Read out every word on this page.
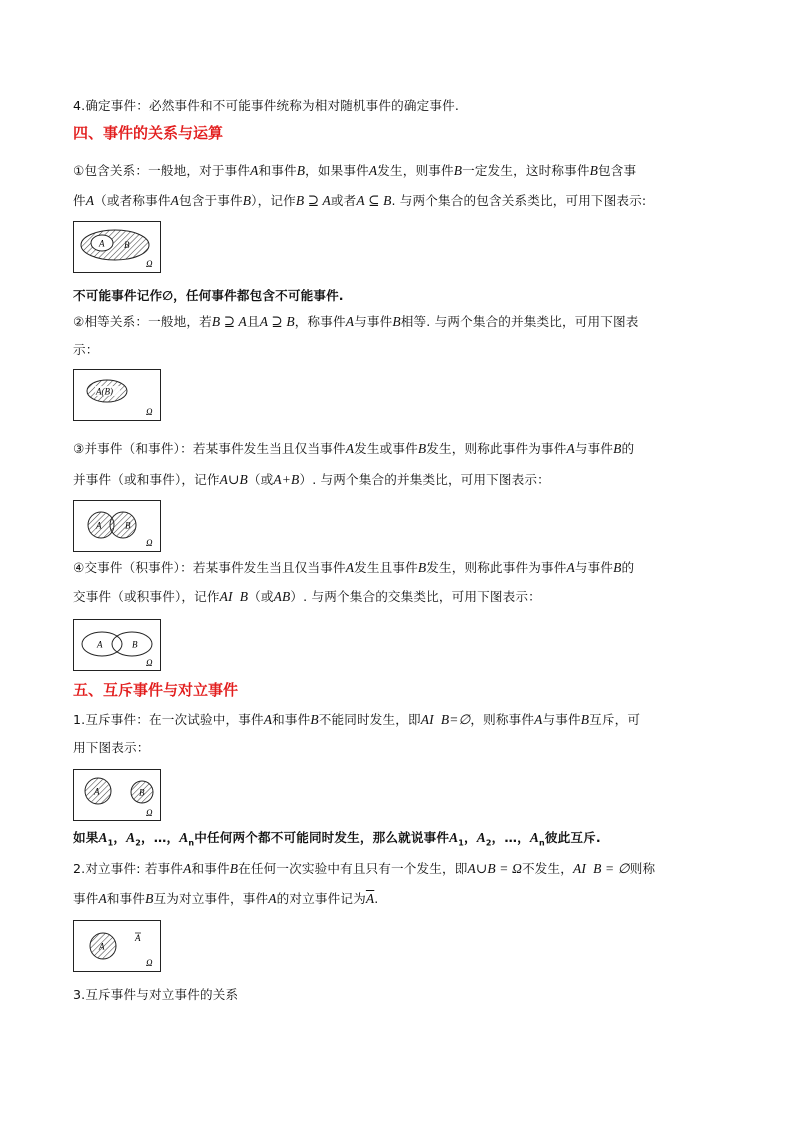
4.确定事件：必然事件和不可能事件统称为相对随机事件的确定事件.
四、事件的关系与运算
①包含关系：一般地，对于事件A和事件B，如果事件A发生，则事件B一定发生，这时称事件B包含事
件A（或者称事件A包含于事件B），记作B ⊇ A或者A ⊆ B. 与两个集合的包含关系类比，可用下图表示:
A B
Ω
不可能事件记作∅，任何事件都包含不可能事件.
②相等关系：一般地，若B ⊇ A且A ⊇ B，称事件A与事件B相等. 与两个集合的并集类比，可用下图表
示：
A(B)
Ω
③并事件（和事件）：若某事件发生当且仅当事件A发生或事件B发生，则称此事件为事件A与事件B的
并事件（或和事件），记作A∪B（或A+B）. 与两个集合的并集类比，可用下图表示：
A	B
Ω
④交事件（积事件）：若某事件发生当且仅当事件A发生且事件B发生，则称此事件为事件A与事件B的
交事件（或积事件），记作AI  B（或AB）. 与两个集合的交集类比，可用下图表示：
A	B
Ω
五、互斥事件与对立事件
1.互斥事件：在一次试验中，事件A和事件B不能同时发生，即AI  B=∅，则称事件A与事件B互斥，可
用下图表示：
A	B
Ω
如果$A_1$，$A_2$，…，$A_n$中任何两个都不可能同时发生，那么就说事件$A_1$，$A_2$，…，$A_n$彼此互斥.
2.对立事件: 若事件A和事件B在任何一次实验中有且只有一个发生，即A∪B = Ω不发生，AI  B = ∅则称
事件A和事件B互为对立事件，事件A的对立事件记为$\overline{A}$.
A
A
Ω
3.互斥事件与对立事件的关系
